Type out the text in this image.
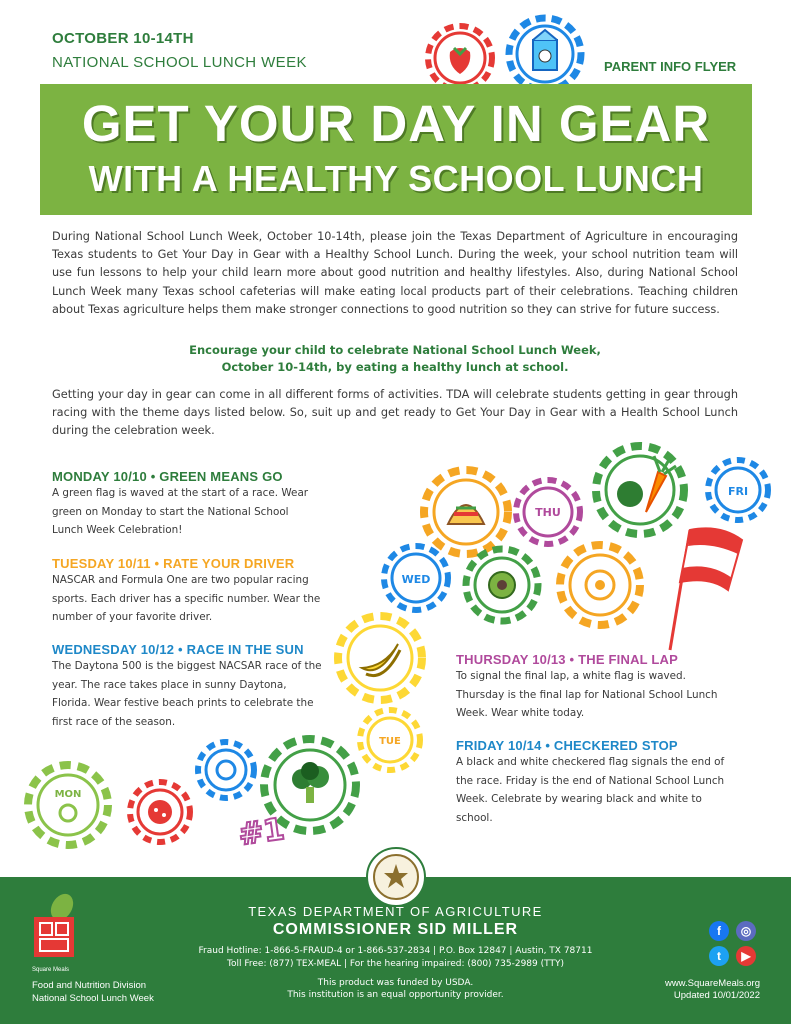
OCTOBER 10-14TH
NATIONAL SCHOOL LUNCH WEEK	PARENT INFO FLYER
GET YOUR DAY IN GEAR
WITH A HEALTHY SCHOOL LUNCH
During National School Lunch Week, October 10-14th, please join the Texas Department of Agriculture in encouraging Texas students to Get Your Day in Gear with a Healthy School Lunch. During the week, your school nutrition team will use fun lessons to help your child learn more about good nutrition and healthy lifestyles. Also, during National School Lunch Week many Texas school cafeterias will make eating local products part of their celebrations. Teaching children about Texas agriculture helps them make stronger connections to good nutrition so they can strive for future success.
Encourage your child to celebrate National School Lunch Week,
October 10-14th, by eating a healthy lunch at school.
Getting your day in gear can come in all different forms of activities. TDA will celebrate students getting in gear through racing with the theme days listed below. So, suit up and get ready to Get Your Day in Gear with a Health School Lunch during the celebration week.
MONDAY 10/10 • GREEN MEANS GO
A green flag is waved at the start of a race. Wear green on Monday to start the National School Lunch Week Celebration!
TUESDAY 10/11 • RATE YOUR DRIVER
NASCAR and Formula One are two popular racing sports. Each driver has a specific number. Wear the number of your favorite driver.
WEDNESDAY 10/12 • RACE IN THE SUN
The Daytona 500 is the biggest NACSAR race of the year. The race takes place in sunny Daytona, Florida. Wear festive beach prints to celebrate the first race of the season.
THURSDAY 10/13 • THE FINAL LAP
To signal the final lap, a white flag is waved. Thursday is the final lap for National School Lunch Week. Wear white today.
FRIDAY 10/14 • CHECKERED STOP
A black and white checkered flag signals the end of the race. Friday is the end of National School Lunch Week. Celebrate by wearing black and white to school.
FRI
THU
WED
TUE
#1
MON
Square Meals
Food and Nutrition Division
National School Lunch Week
TEXAS DEPARTMENT OF AGRICULTURE
COMMISSIONER SID MILLER
Fraud Hotline: 1-866-5-FRAUD-4 or 1-866-537-2834 | P.O. Box 12847 | Austin, TX 78711
Toll Free: (877) TEX-MEAL | For the hearing impaired: (800) 735-2989 (TTY)
This product was funded by USDA.
This institution is an equal opportunity provider.
f	◎
t	▶
www.SquareMeals.org
Updated 10/01/2022
